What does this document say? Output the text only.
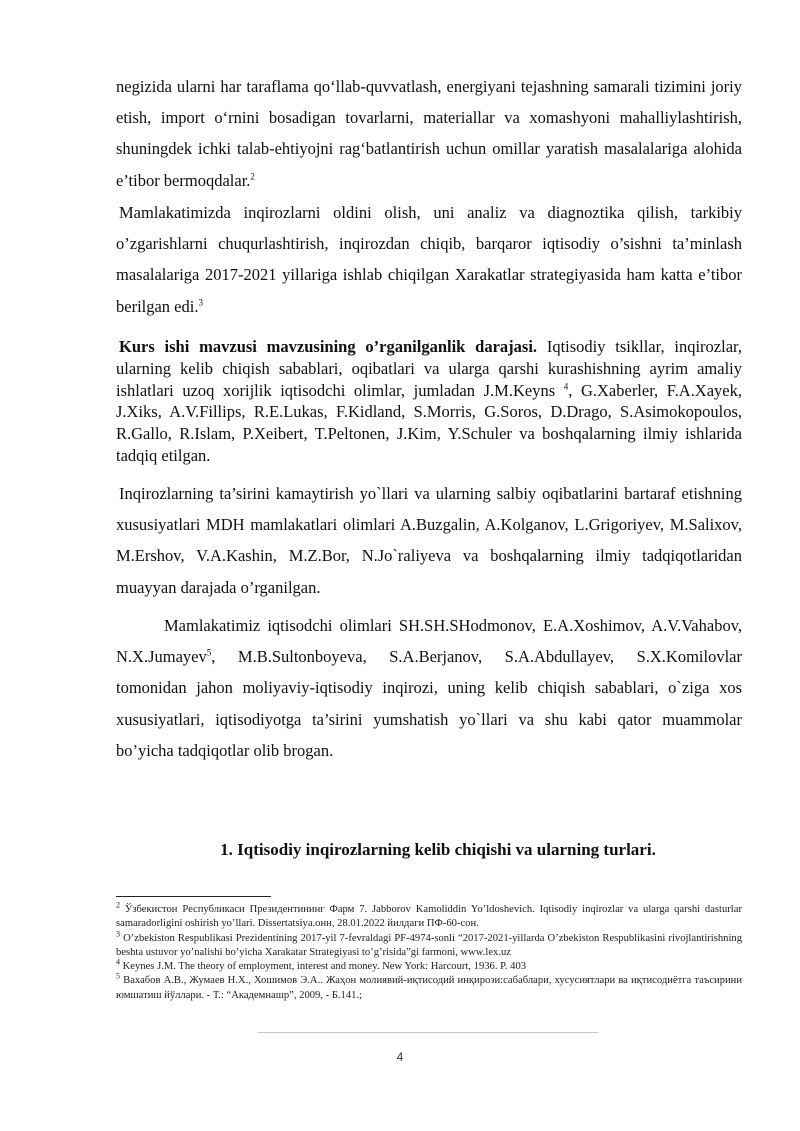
negizida ularni har taraflama qo‘llab-quvvatlash, energiyani tejashning samarali tizimini joriy etish, import o‘rnini bosadigan tovarlarni, materiallar va xomashyoni mahalliylashtirish, shuningdek ichki talab-ehtiyojni rag‘batlantirish uchun omillar yaratish masalalariga alohida e’tibor bermoqdalar.$^2$

Mamlakatimizda inqirozlarni oldini olish, uni analiz va diagnoztika qilish, tarkibiy o’zgarishlarni chuqurlashtirish, inqirozdan chiqib, barqaror iqtisodiy o’sishni ta’minlash masalalariga 2017-2021 yillariga ishlab chiqilgan Xarakatlar strategiyasida ham katta e’tibor berilgan edi.$^3$

Kurs ishi mavzusi mavzusining o’rganilganlik darajasi. Iqtisodiy tsikllar, inqirozlar, ularning kelib chiqish sabablari, oqibatlari va ularga qarshi kurashishning ayrim amaliy ishlatlari uzoq xorijlik iqtisodchi olimlar, jumladan J.M.Keyns $^4$, G.Xaberler, F.A.Xayek, J.Xiks, A.V.Fillips, R.E.Lukas, F.Kidland, S.Morris, G.Soros, D.Drago, S.Asimokopoulos, R.Gallo, R.Islam, P.Xeibert, T.Peltonen, J.Kim, Y.Schuler va boshqalarning ilmiy ishlarida tadqiq etilgan.

Inqirozlarning ta’sirini kamaytirish yo`llari va ularning salbiy oqibatlarini bartaraf etishning xususiyatlari MDH mamlakatlari olimlari A.Buzgalin, A.Kolganov, L.Grigoriyev, M.Salixov, M.Ershov, V.A.Kashin, M.Z.Bor, N.Jo`raliyeva va boshqalarning ilmiy tadqiqotlaridan muayyan darajada o’rganilgan.

Mamlakatimiz iqtisodchi olimlari SH.SH.SHodmonov, E.A.Xoshimov, A.V.Vahabov, N.X.Jumayev$^5$, M.B.Sultonboyeva, S.A.Berjanov, S.A.Abdullayev, S.X.Komilovlar tomonidan jahon moliyaviy-iqtisodiy inqirozi, uning kelib chiqish sabablari, o`ziga xos xususiyatlari, iqtisodiyotga ta’sirini yumshatish yo`llari va shu kabi qator muammolar bo’yicha tadqiqotlar olib brogan.

1. Iqtisodiy inqirozlarning kelib chiqishi va ularning turlari.
$^2$ Ўзбекистон Республикаси Президентининг Фарм 7. Jabborov Kamoliddin Yo’ldoshevich. Iqtisodiy inqirozlar va ularga qarshi dasturlar samaradorligini oshirish yo’llari. Dissertatsiya.онн, 28.01.2022 йилдаги ПФ-60-сон.
$^3$ O’zbekiston Respublikasi Prezidentining 2017-yil 7-fevraldagi PF-4974-sonli “2017-2021-yillarda O’zbekiston Respublikasini rivojlantirishning beshta ustuvor yo’nalishi bo’yicha Xarakatar Strategiyasi to’g’risida”gi farmoni, www.lex.uz
$^4$ Keynes J.M. The theory of employment, interest and money. New York: Harcourt, 1936. P. 403
$^5$ Вахабов А.В., Жумаев Н.Х., Хошимов Э.А.. Жаҳон молиявий-иқтисодий инқирози:сабаблари, хусусиятлари ва иқтисодиётга таъсирини юмшатиш йўллари. - Т.: “Академнашр”, 2009, - Б.141.;
4
